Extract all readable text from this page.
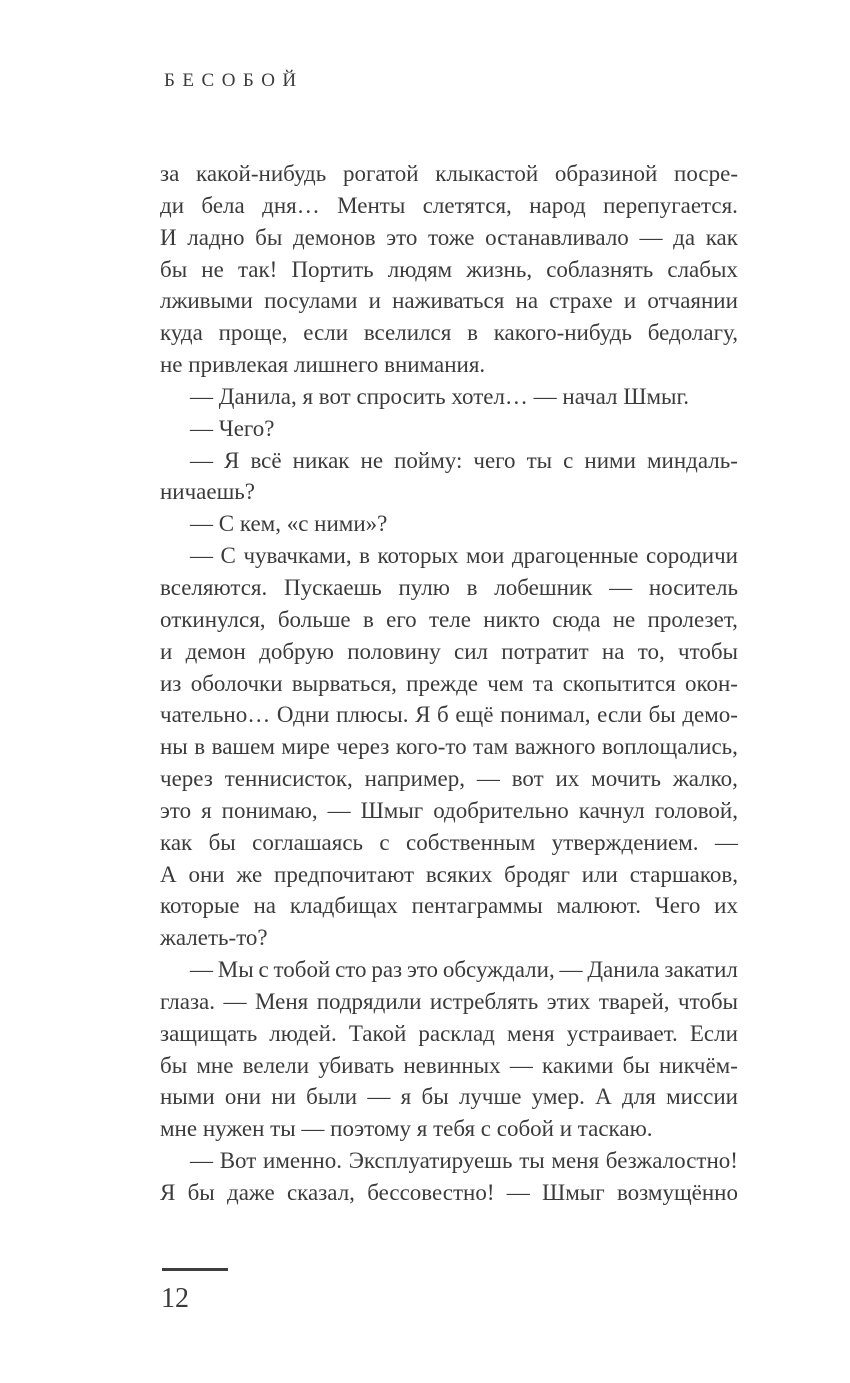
БЕСОБОЙ
за какой-нибудь рогатой клыкастой образиной посре-
ди бела дня… Менты слетятся, народ перепугается.
И ладно бы демонов это тоже останавливало — да как
бы не так! Портить людям жизнь, соблазнять слабых
лживыми посулами и наживаться на страхе и отчаянии
куда проще, если вселился в какого-нибудь бедолагу,
не привлекая лишнего внимания.
— Данила, я вот спросить хотел… — начал Шмыг.
— Чего?
— Я всё никак не пойму: чего ты с ними миндаль-
ничаешь?
— С кем, «с ними»?
— С чувачками, в которых мои драгоценные сородичи
вселяются. Пускаешь пулю в лобешник — носитель
откинулся, больше в его теле никто сюда не пролезет,
и демон добрую половину сил потратит на то, чтобы
из оболочки вырваться, прежде чем та скопытится окон-
чательно… Одни плюсы. Я б ещё понимал, если бы демо-
ны в вашем мире через кого-то там важного воплощались,
через теннисисток, например, — вот их мочить жалко,
это я понимаю, — Шмыг одобрительно качнул головой,
как бы соглашаясь с собственным утверждением. —
А они же предпочитают всяких бродяг или старшаков,
которые на кладбищах пентаграммы малюют. Чего их
жалеть-то?
— Мы с тобой сто раз это обсуждали, — Данила закатил
глаза. — Меня подрядили истреблять этих тварей, чтобы
защищать людей. Такой расклад меня устраивает. Если
бы мне велели убивать невинных — какими бы никчём-
ными они ни были — я бы лучше умер. А для миссии
мне нужен ты — поэтому я тебя с собой и таскаю.
— Вот именно. Эксплуатируешь ты меня безжалостно!
Я бы даже сказал, бессовестно! — Шмыг возмущённо
12
